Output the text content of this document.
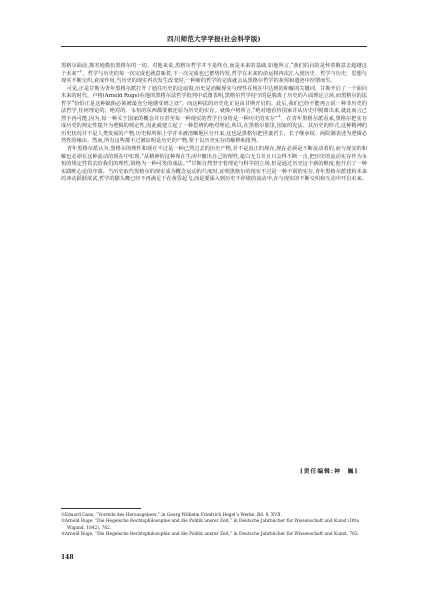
四川师范大学学报(社会科学版)

黑格尔面前,拙劣地模仿黑格尔的一切。对他来说,黑格尔哲学并不是终点,而是未来的基础,如他所言,“我们的目的是怀着敬意去超越这个未来”①。哲学与历史的每一次完成也就意味着,下一次完成也已蓄势待发,哲学在未来的命运将再次汇入到历史、哲学与历史、思想与现实不断交织,衰成作用,当历史的现实再次发生改变时,一种新的哲学的完成就会从黑格尔哲学的灰烬和遗迹中涅槃而生。

可见,正是甘斯为青年黑格尔派打开了通往历史的这扇窗,历史是消解现实与理性在现在中达到的和解的关键词。甘斯开启了一个面向未来的时代。卢格(Arnold Ruge)在他的黑格尔法哲学批判中试图表明,黑格尔哲学持守的是脱离了历史的片面理论立场,而黑格尔的法哲学“恰恰正是这种缺陷必须被最充分地感受到之处”。而这种法的历史化正是由甘斯开启的。此后,我们已经不能再言说一种非历史的法哲学,任何理论的、绝对的、永恒的东西都要被还原为历史的实存。就像卢格所言,“绝对地看待国家并从历史中脱离出来,就此而言已然不再可能,因为,每一种关于国家的概念并且甚至每一种现实的哲学自身皆是一种历史的实存”②。在青年黑格尔派看来,黑格尔把实存成历史的规定性提升为逻辑的规定性,因此就建立起了一种思辨的绝对理论,所以,在黑格尔那里,国家的宪法、其历史的形式,这种精神的历史状况并不是人类发展的产物,历史和所和上学并未被清晰地区分开来,这也是黑格尔把世袭君主、长子继承权、两院制表述为逻辑必然性的缘由。然而,所有这些都不过被证明是历史的产物,要于以历史实存的解释和批判。

青年黑格尔派认为,黑格尔的理性和现在不过是一种已然过去的历史产物,并不是真正的现在,现在必须是不断流动着的,而与现实的和解也必须在这种流动的现在中实现,“从精神的这种现在生活中撤出自己的理性,毫白无力并且只会得不断一击,把历史的流动实存作为永恒的规定性贯去给我们的理性,降格为一种可笑的戏法。”③甘斯自然坚守着理论与科学的立场,但是通过历史这个新的维度,他开启了一种实践唯心论的序幕。当历史取代黑格尔的现实成为概念运动的尺度时,证明黑格尔的现实不过是一种不别的实存,青年黑格尔派建构未来的冲动跃跃欲试,哲学的猫头鹰已经不再满足于在黄昏起飞,而是要深入到历史不停歇的流动中,在与现实的不断交织和互动中开启未来。

[责任编辑:神　巍]
①Eduard Gans, “Vorrede des Herausgebers,” in Georg Wilhelm Friedrich Hegel’s Werke, Bd. 8, XVII.
②Arnold Ruge, “Die Hegelsche Rechtsphilosophie und die Politik unsrer Zeit,” in Deutsche Jahrbücher für Wissenschaft und Kunst (Otto
Wigand, 1842), 762.
③Arnold Ruge, “Die Hegelsche Rechtsphilosophie und die Politik unsrer Zeit,” in Deutsche Jahrbücher für Wissenschaft und Kunst, 763.
148
